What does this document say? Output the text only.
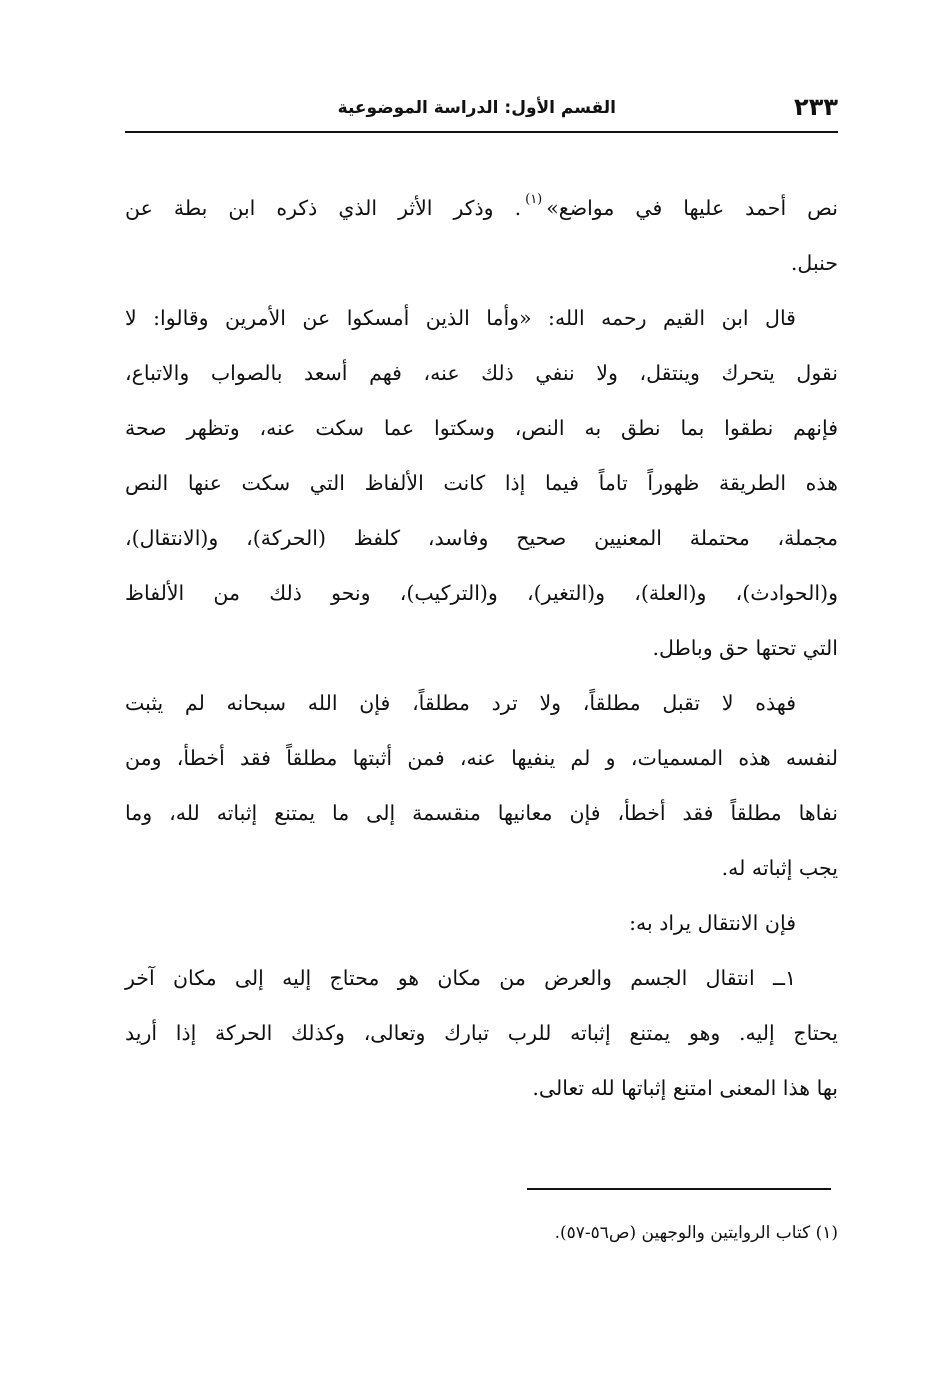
٢٣٣
القسم الأول: الدراسة الموضوعية
نص أحمد عليها في مواضع»$^{(١)}$. وذكر الأثر الذي ذكره ابن بطة عن
حنبل.
قال ابن القيم رحمه الله: «وأما الذين أمسكوا عن الأمرين وقالوا: لا
نقول يتحرك وينتقل، ولا ننفي ذلك عنه، فهم أسعد بالصواب والاتباع،
فإنهم نطقوا بما نطق به النص، وسكتوا عما سكت عنه، وتظهر صحة
هذه الطريقة ظهوراً تاماً فيما إذا كانت الألفاظ التي سكت عنها النص
مجملة، محتملة المعنيين صحيح وفاسد، كلفظ (الحركة)، و(الانتقال)،
و(الحوادث)، و(العلة)، و(التغير)، و(التركيب)، ونحو ذلك من الألفاظ
التي تحتها حق وباطل.
فهذه لا تقبل مطلقاً، ولا ترد مطلقاً، فإن الله سبحانه لم يثبت
لنفسه هذه المسميات، و لم ينفيها عنه، فمن أثبتها مطلقاً فقد أخطأ، ومن
نفاها مطلقاً فقد أخطأ، فإن معانيها منقسمة إلى ما يمتنع إثباته لله، وما
يجب إثباته له.
فإن الانتقال يراد به:
١ــ انتقال الجسم والعرض من مكان هو محتاج إليه إلى مكان آخر
يحتاج إليه. وهو يمتنع إثباته للرب تبارك وتعالى، وكذلك الحركة إذا أريد
بها هذا المعنى امتنع إثباتها لله تعالى.
(١) كتاب الروايتين والوجهين (ص٥٦-٥٧).
